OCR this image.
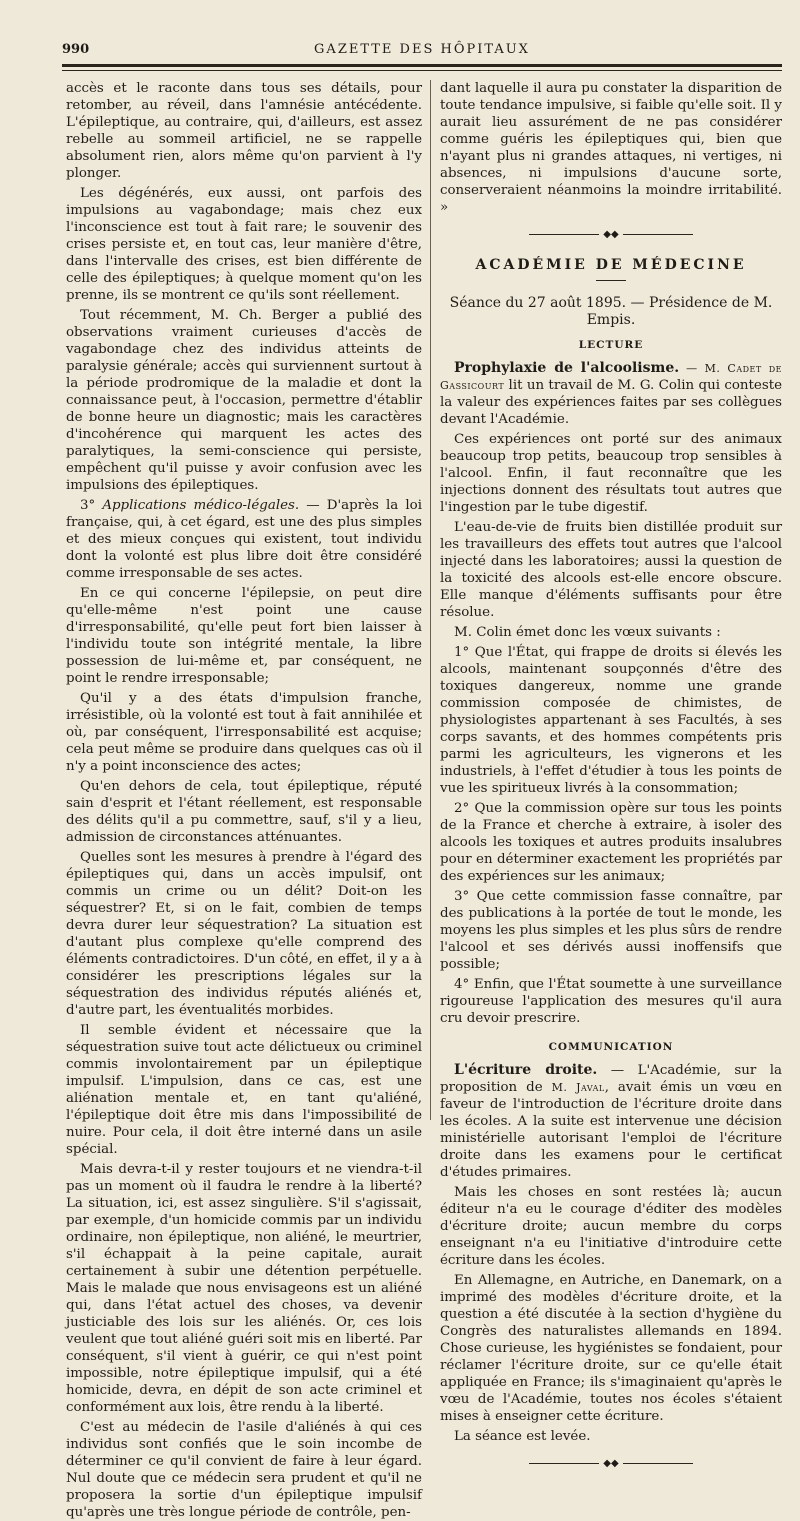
990	GAZETTE DES HÔPITAUX

accès et le raconte dans tous ses détails, pour retomber, au réveil, dans l'amnésie antécédente. L'épileptique, au contraire, qui, d'ailleurs, est assez rebelle au sommeil artificiel, ne se rappelle absolument rien, alors même qu'on parvient à l'y plonger.

Les dégénérés, eux aussi, ont parfois des impulsions au vagabondage; mais chez eux l'inconscience est tout à fait rare; le souvenir des crises persiste et, en tout cas, leur manière d'être, dans l'intervalle des crises, est bien différente de celle des épileptiques; à quelque moment qu'on les prenne, ils se montrent ce qu'ils sont réellement.

Tout récemment, M. Ch. Berger a publié des observations vraiment curieuses d'accès de vagabondage chez des individus atteints de paralysie générale; accès qui surviennent surtout à la période prodromique de la maladie et dont la connaissance peut, à l'occasion, permettre d'établir de bonne heure un diagnostic; mais les caractères d'incohérence qui marquent les actes des paralytiques, la semi-conscience qui persiste, empêchent qu'il puisse y avoir confusion avec les impulsions des épileptiques.

3° Applications médico-légales. — D'après la loi française, qui, à cet égard, est une des plus simples et des mieux conçues qui existent, tout individu dont la volonté est plus libre doit être considéré comme irresponsable de ses actes.

En ce qui concerne l'épilepsie, on peut dire qu'elle-même n'est point une cause d'irresponsabilité, qu'elle peut fort bien laisser à l'individu toute son intégrité mentale, la libre possession de lui-même et, par conséquent, ne point le rendre irresponsable;

Qu'il y a des états d'impulsion franche, irrésistible, où la volonté est tout à fait annihilée et où, par conséquent, l'irresponsabilité est acquise; cela peut même se produire dans quelques cas où il n'y a point inconscience des actes;

Qu'en dehors de cela, tout épileptique, réputé sain d'esprit et l'étant réellement, est responsable des délits qu'il a pu commettre, sauf, s'il y a lieu, admission de circonstances atténuantes.

Quelles sont les mesures à prendre à l'égard des épileptiques qui, dans un accès impulsif, ont commis un crime ou un délit? Doit-on les séquestrer? Et, si on le fait, combien de temps devra durer leur séquestration? La situation est d'autant plus complexe qu'elle comprend des éléments contradictoires. D'un côté, en effet, il y a à considérer les prescriptions légales sur la séquestration des individus réputés aliénés et, d'autre part, les éventualités morbides.

Il semble évident et nécessaire que la séquestration suive tout acte délictueux ou criminel commis involontairement par un épileptique impulsif. L'impulsion, dans ce cas, est une aliénation mentale et, en tant qu'aliéné, l'épileptique doit être mis dans l'impossibilité de nuire. Pour cela, il doit être interné dans un asile spécial.

Mais devra-t-il y rester toujours et ne viendra-t-il pas un moment où il faudra le rendre à la liberté? La situation, ici, est assez singulière. S'il s'agissait, par exemple, d'un homicide commis par un individu ordinaire, non épileptique, non aliéné, le meurtrier, s'il échappait à la peine capitale, aurait certainement à subir une détention perpétuelle. Mais le malade que nous envisageons est un aliéné qui, dans l'état actuel des choses, va devenir justiciable des lois sur les aliénés. Or, ces lois veulent que tout aliéné guéri soit mis en liberté. Par conséquent, s'il vient à guérir, ce qui n'est point impossible, notre épileptique impulsif, qui a été homicide, devra, en dépit de son acte criminel et conformément aux lois, être rendu à la liberté.

C'est au médecin de l'asile d'aliénés à qui ces individus sont confiés que le soin incombe de déterminer ce qu'il convient de faire à leur égard. Nul doute que ce médecin sera prudent et qu'il ne proposera la sortie d'un épileptique impulsif qu'après une très longue période de contrôle, pen-

dant laquelle il aura pu constater la disparition de toute tendance impulsive, si faible qu'elle soit. Il y aurait lieu assurément de ne pas considérer comme guéris les épileptiques qui, bien que n'ayant plus ni grandes attaques, ni vertiges, ni absences, ni impulsions d'aucune sorte, conserveraient néanmoins la moindre irritabilité. »

◆◆
ACADÉMIE DE MÉDECINE
Séance du 27 août 1895. — Présidence de M. Empis.
LECTURE

Prophylaxie de l'alcoolisme. — M. Cadet de Gassicourt lit un travail de M. G. Colin qui conteste la valeur des expériences faites par ses collègues devant l'Académie.

Ces expériences ont porté sur des animaux beaucoup trop petits, beaucoup trop sensibles à l'alcool. Enfin, il faut reconnaître que les injections donnent des résultats tout autres que l'ingestion par le tube digestif.

L'eau-de-vie de fruits bien distillée produit sur les travailleurs des effets tout autres que l'alcool injecté dans les laboratoires; aussi la question de la toxicité des alcools est-elle encore obscure. Elle manque d'éléments suffisants pour être résolue.

M. Colin émet donc les vœux suivants :

1° Que l'État, qui frappe de droits si élevés les alcools, maintenant soupçonnés d'être des toxiques dangereux, nomme une grande commission composée de chimistes, de physiologistes appartenant à ses Facultés, à ses corps savants, et des hommes compétents pris parmi les agriculteurs, les vignerons et les industriels, à l'effet d'étudier à tous les points de vue les spiritueux livrés à la consommation;

2° Que la commission opère sur tous les points de la France et cherche à extraire, à isoler des alcools les toxiques et autres produits insalubres pour en déterminer exactement les propriétés par des expériences sur les animaux;

3° Que cette commission fasse connaître, par des publications à la portée de tout le monde, les moyens les plus simples et les plus sûrs de rendre l'alcool et ses dérivés aussi inoffensifs que possible;

4° Enfin, que l'État soumette à une surveillance rigoureuse l'application des mesures qu'il aura cru devoir prescrire.

COMMUNICATION

L'écriture droite. — L'Académie, sur la proposition de M. Javal, avait émis un vœu en faveur de l'introduction de l'écriture droite dans les écoles. A la suite est intervenue une décision ministérielle autorisant l'emploi de l'écriture droite dans les examens pour le certificat d'études primaires.

Mais les choses en sont restées là; aucun éditeur n'a eu le courage d'éditer des modèles d'écriture droite; aucun membre du corps enseignant n'a eu l'initiative d'introduire cette écriture dans les écoles.

En Allemagne, en Autriche, en Danemark, on a imprimé des modèles d'écriture droite, et la question a été discutée à la section d'hygiène du Congrès des naturalistes allemands en 1894. Chose curieuse, les hygiénistes se fondaient, pour réclamer l'écriture droite, sur ce qu'elle était appliquée en France; ils s'imaginaient qu'après le vœu de l'Académie, toutes nos écoles s'étaient mises à enseigner cette écriture.

La séance est levée.

◆◆
